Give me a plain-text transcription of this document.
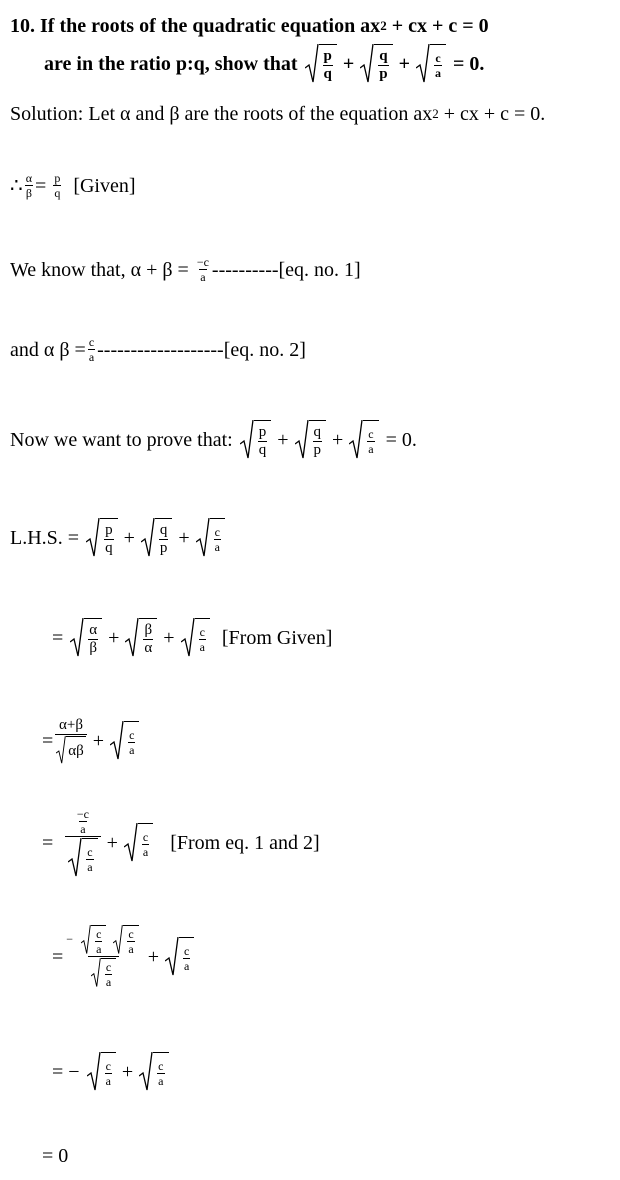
10.
If the roots of the quadratic equation ax 2
+ cx + c = 0
are in the ratio p:q, show that
$\frac{p}{q} + \frac{q}{p} + \frac{c}{a}$
= 0.
Solution: Let α and β are the roots of the equation ax 2
+ cx + c = 0.
∴ $\frac{\alpha}{\beta}$ =
$\frac{p}{q}$
[Given]
We know that, α + β =
$\frac{-c}{a}$ ---------- [eq. no. 1]
and α $\beta = \frac{c}{a}$ ------------------- [eq. no. 2]
Now we want to prove that:
$\frac{p}{q} + \frac{q}{p} + \frac{c}{a}$
= 0.
L.H.S. =
$\frac{p}{q} + \frac{q}{p} + \frac{c}{a}$
=
$\frac{\alpha}{\beta} + \frac{\beta}{\alpha} + \frac{c}{a}$
[From Given]
= $\frac{\alpha+\beta}{\alpha\beta} + \frac{c}{a}$
=
$\frac{\frac{-c}{a}}{\frac{c}{a}} + \frac{c}{a}$
[From eq. 1 and 2]
= − $\frac{c}{a}$
$\frac{c}{a}$
$\frac{c}{a} + \frac{c}{a}$
=
−
$\frac{c}{a} + \frac{c}{a}$
= 0
